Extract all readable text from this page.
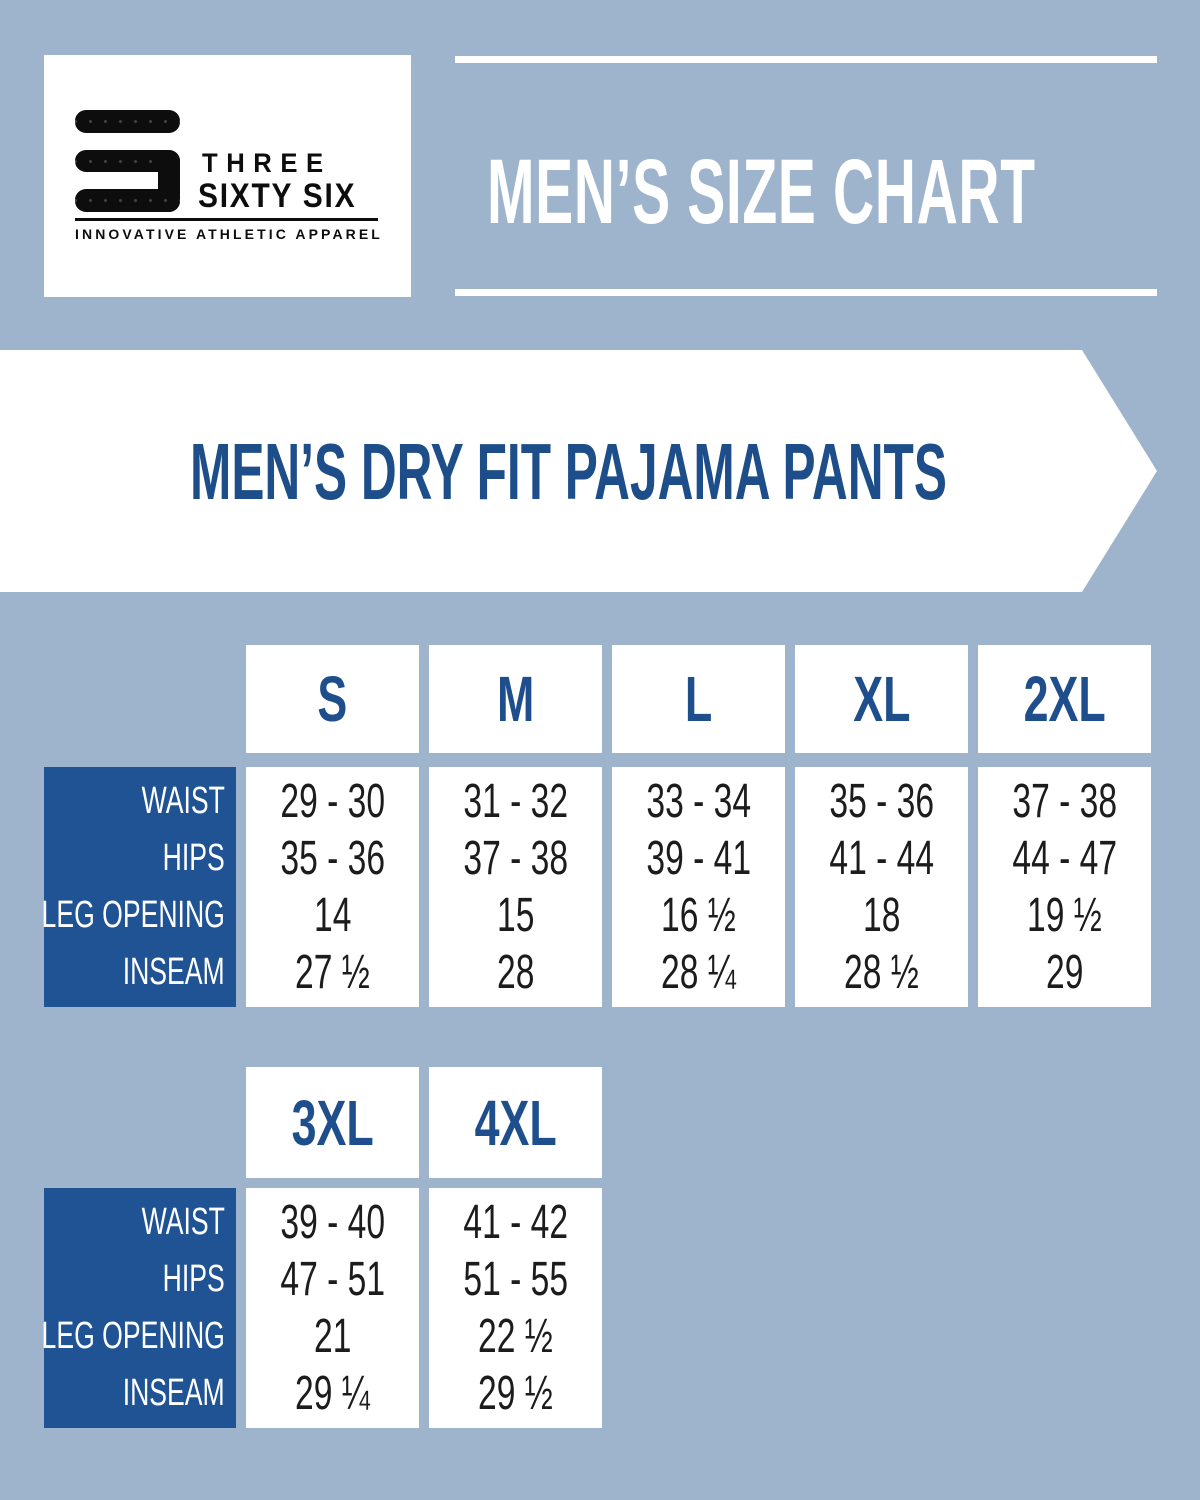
THREE
SIXTY SIX
INNOVATIVE ATHLETIC APPAREL MEN’S SIZE CHART
MEN’S DRY FIT PAJAMA PANTS
S M L XL 2XL
WAIST
HIPS
LEG OPENING
INSEAM
29 - 30
35 - 36
14
27 ½
31 - 32
37 - 38
15
28
33 - 34
39 - 41
16 ½
28 ¼
35 - 36
41 - 44
18
28 ½
37 - 38
44 - 47
19 ½
29
3XL 4XL
WAIST
HIPS
LEG OPENING
INSEAM
39 - 40
47 - 51
21
29 ¼
41 - 42
51 - 55
22 ½
29 ½
